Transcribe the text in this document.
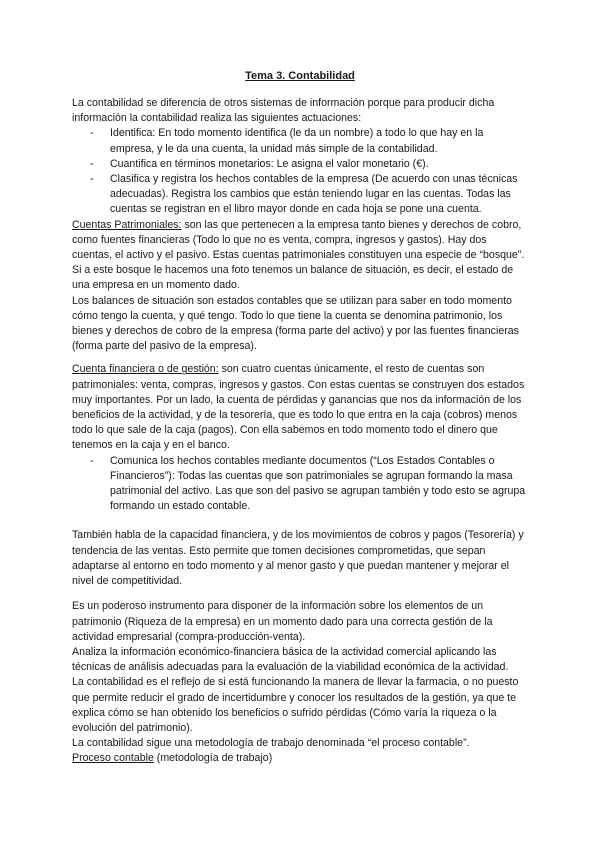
Tema 3. Contabilidad

La contabilidad se diferencia de otros sistemas de información porque para producir dicha información la contabilidad realiza las siguientes actuaciones:

- Identifica: En todo momento identifica (le da un nombre) a todo lo que hay en la empresa, y le da una cuenta, la unidad más simple de la contabilidad.
- Cuantifica en términos monetarios: Le asigna el valor monetario (€).
- Clasifica y registra los hechos contables de la empresa (De acuerdo con unas técnicas adecuadas). Registra los cambios que están teniendo lugar en las cuentas. Todas las cuentas se registran en el libro mayor donde en cada hoja se pone una cuenta.

Cuentas Patrimoniales: son las que pertenecen a la empresa tanto bienes y derechos de cobro, como fuentes financieras (Todo lo que no es venta, compra, ingresos y gastos). Hay dos cuentas, el activo y el pasivo. Estas cuentas patrimoniales constituyen una especie de “bosque”. Si a este bosque le hacemos una foto tenemos un balance de situación, es decir, el estado de una empresa en un momento dado.

Los balances de situación son estados contables que se utilizan para saber en todo momento cómo tengo la cuenta, y qué tengo. Todo lo que tiene la cuenta se denomina patrimonio, los bienes y derechos de cobro de la empresa (forma parte del activo) y por las fuentes financieras (forma parte del pasivo de la empresa).

Cuenta financiera o de gestión: son cuatro cuentas únicamente, el resto de cuentas son patrimoniales: venta, compras, ingresos y gastos. Con estas cuentas se construyen dos estados muy importantes. Por un lado, la cuenta de pérdidas y ganancias que nos da información de los beneficios de la actividad, y de la tesorería, que es todo lo que entra en la caja (cobros) menos todo lo que sale de la caja (pagos). Con ella sabemos en todo momento todo el dinero que tenemos en la caja y en el banco.

- Comunica los hechos contables mediante documentos (“Los Estados Contables o Financieros”): Todas las cuentas que son patrimoniales se agrupan formando la masa patrimonial del activo. Las que son del pasivo se agrupan también y todo esto se agrupa formando un estado contable.

También habla de la capacidad financiera, y de los movimientos de cobros y pagos (Tesorería) y tendencia de las ventas. Esto permite que tomen decisiones comprometidas, que sepan adaptarse al entorno en todo momento y al menor gasto y que puedan mantener y mejorar el nivel de competitividad.

Es un poderoso instrumento para disponer de la información sobre los elementos de un patrimonio (Riqueza de la empresa) en un momento dado para una correcta gestión de la actividad empresarial (compra-producción-venta).

Analiza la información económico-financiera básica de la actividad comercial aplicando las técnicas de análisis adecuadas para la evaluación de la viabilidad económica de la actividad.

La contabilidad es el reflejo de si está funcionando la manera de llevar la farmacia, o no puesto que permite reducir el grado de incertidumbre y conocer los resultados de la gestión, ya que te explica cómo se han obtenido los beneficios o sufrido pérdidas (Cómo varía la riqueza o la evolución del patrimonio).

La contabilidad sigue una metodología de trabajo denominada “el proceso contable”.

Proceso contable (metodología de trabajo)
